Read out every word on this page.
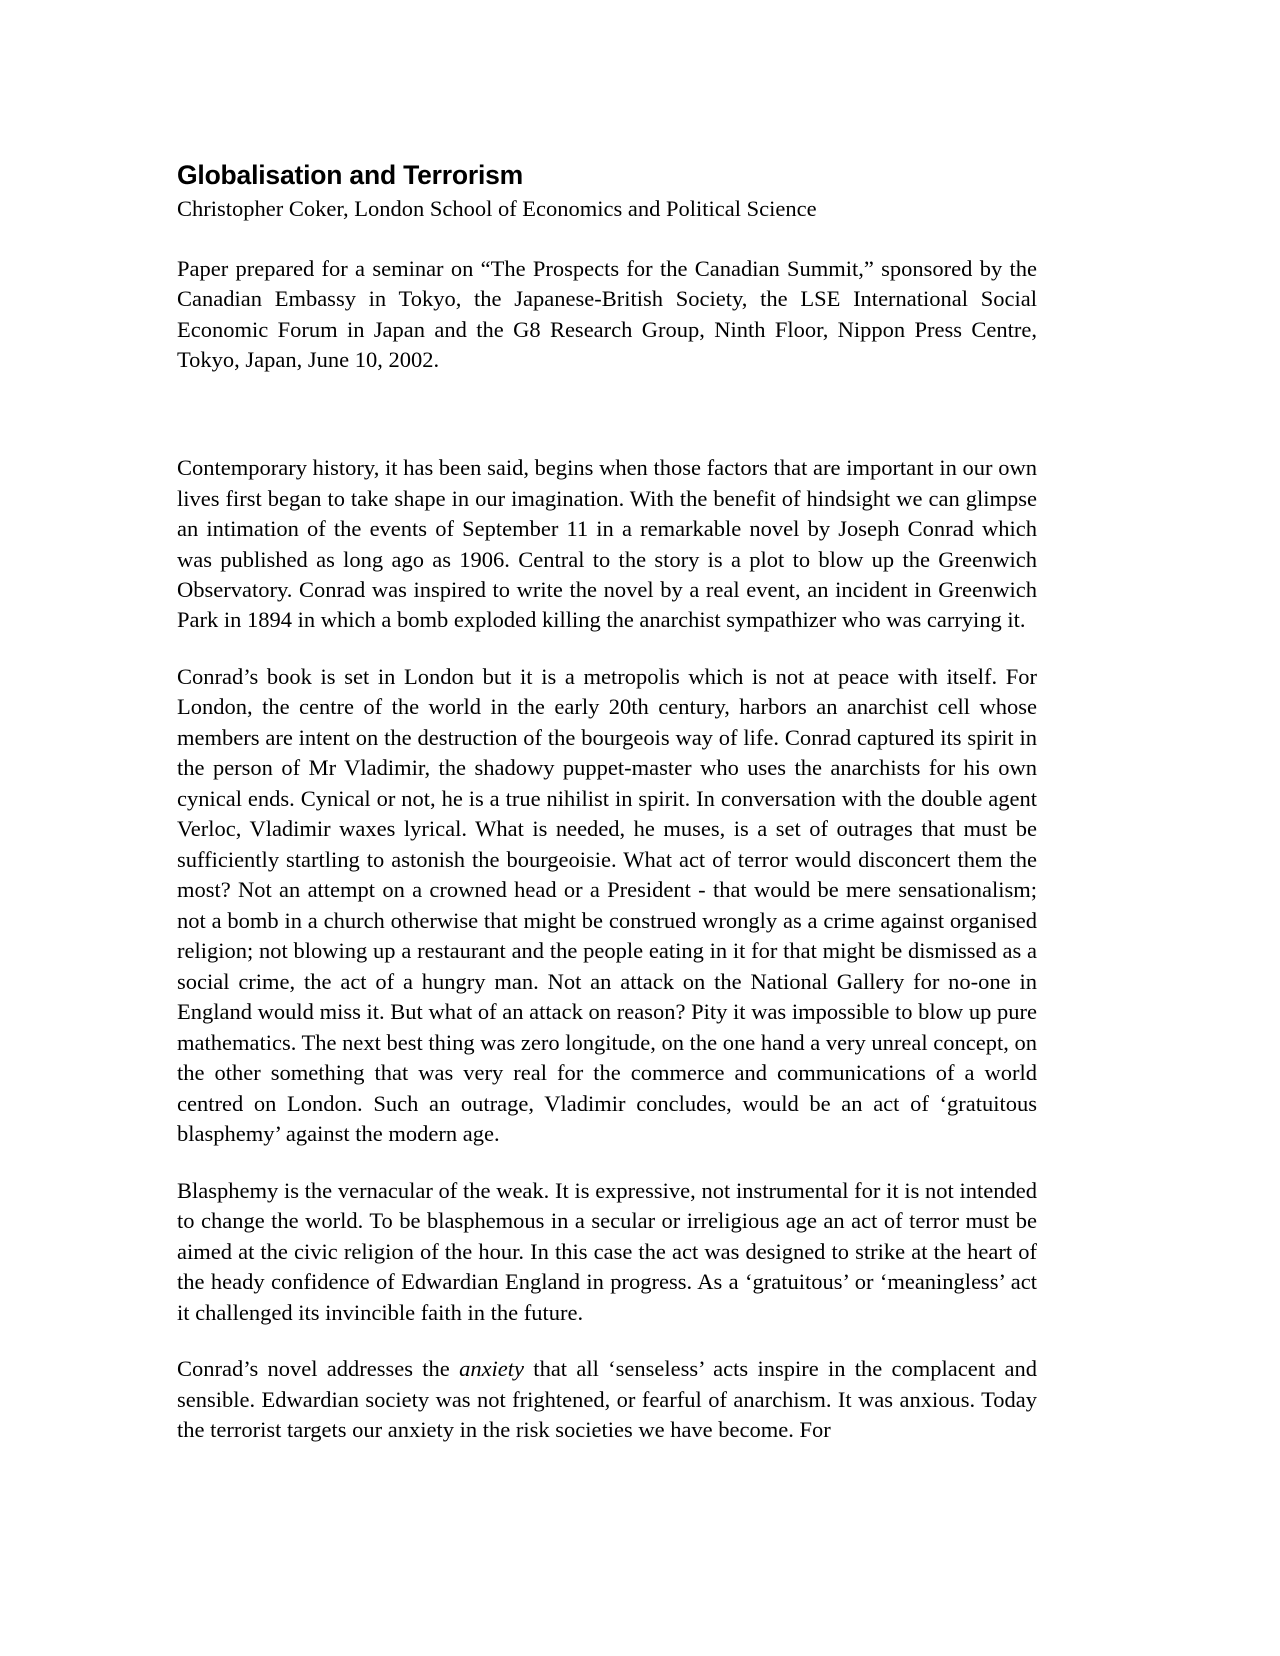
Globalisation and Terrorism

Christopher Coker, London School of Economics and Political Science

Paper prepared for a seminar on “The Prospects for the Canadian Summit,” sponsored by the Canadian Embassy in Tokyo, the Japanese-British Society, the LSE International Social Economic Forum in Japan and the G8 Research Group, Ninth Floor, Nippon Press Centre, Tokyo, Japan, June 10, 2002.

Contemporary history, it has been said, begins when those factors that are important in our own lives first began to take shape in our imagination. With the benefit of hindsight we can glimpse an intimation of the events of September 11 in a remarkable novel by Joseph Conrad which was published as long ago as 1906. Central to the story is a plot to blow up the Greenwich Observatory. Conrad was inspired to write the novel by a real event, an incident in Greenwich Park in 1894 in which a bomb exploded killing the anarchist sympathizer who was carrying it.

Conrad’s book is set in London but it is a metropolis which is not at peace with itself. For London, the centre of the world in the early 20th century, harbors an anarchist cell whose members are intent on the destruction of the bourgeois way of life. Conrad captured its spirit in the person of Mr Vladimir, the shadowy puppet-master who uses the anarchists for his own cynical ends. Cynical or not, he is a true nihilist in spirit. In conversation with the double agent Verloc, Vladimir waxes lyrical. What is needed, he muses, is a set of outrages that must be sufficiently startling to astonish the bourgeoisie. What act of terror would disconcert them the most? Not an attempt on a crowned head or a President - that would be mere sensationalism; not a bomb in a church otherwise that might be construed wrongly as a crime against organised religion; not blowing up a restaurant and the people eating in it for that might be dismissed as a social crime, the act of a hungry man. Not an attack on the National Gallery for no-one in England would miss it. But what of an attack on reason? Pity it was impossible to blow up pure mathematics. The next best thing was zero longitude, on the one hand a very unreal concept, on the other something that was very real for the commerce and communications of a world centred on London. Such an outrage, Vladimir concludes, would be an act of ‘gratuitous blasphemy’ against the modern age.

Blasphemy is the vernacular of the weak. It is expressive, not instrumental for it is not intended to change the world. To be blasphemous in a secular or irreligious age an act of terror must be aimed at the civic religion of the hour. In this case the act was designed to strike at the heart of the heady confidence of Edwardian England in progress. As a ‘gratuitous’ or ‘meaningless’ act it challenged its invincible faith in the future.

Conrad’s novel addresses the anxiety that all ‘senseless’ acts inspire in the complacent and sensible. Edwardian society was not frightened, or fearful of anarchism. It was anxious. Today the terrorist targets our anxiety in the risk societies we have become. For
